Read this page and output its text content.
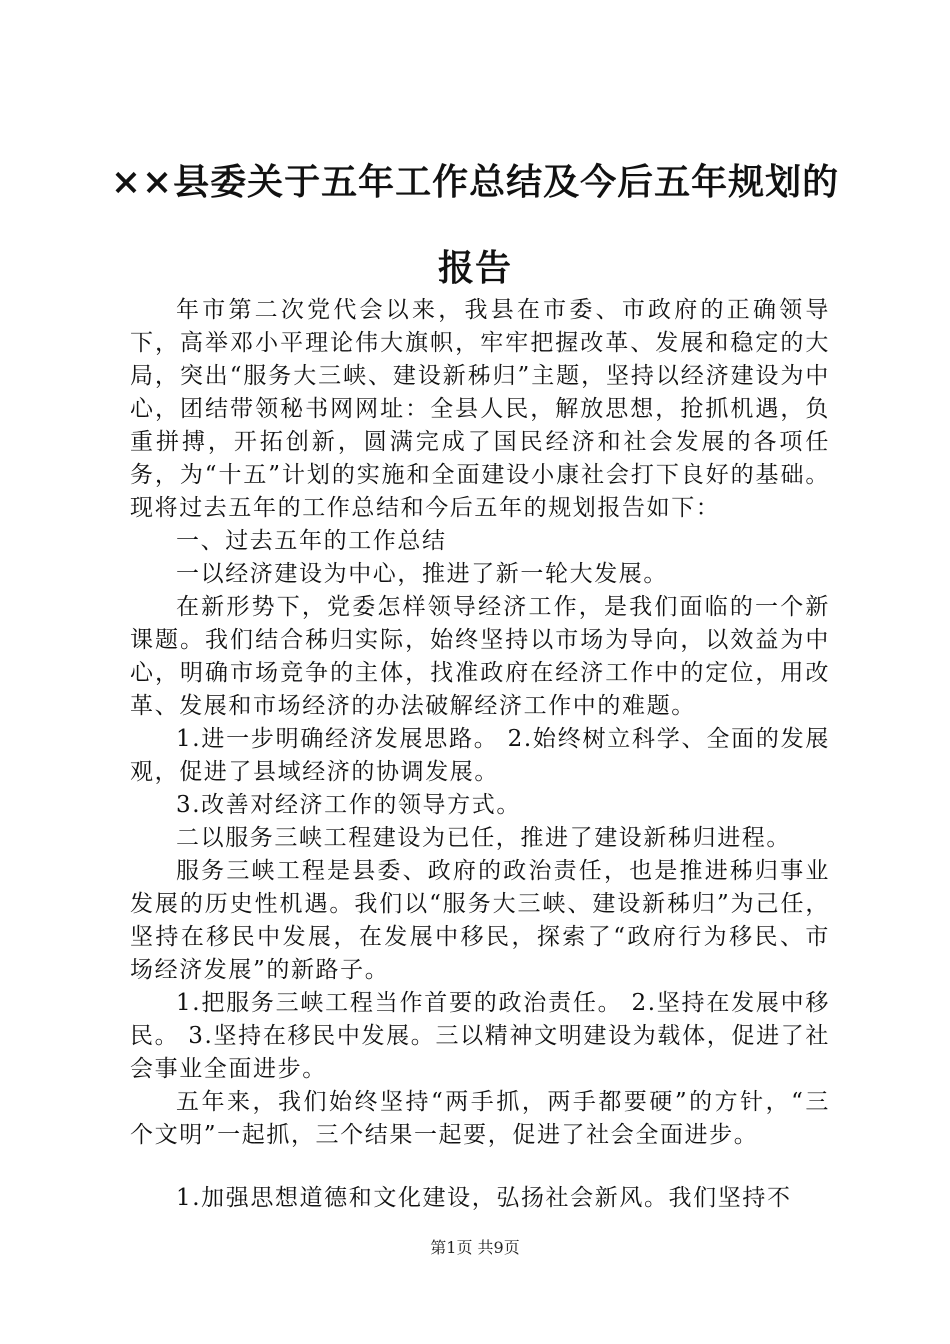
××县委关于五年工作总结及今后五年规划的
报告

年市第二次党代会以来，我县在市委、市政府的正确领导下，高举邓小平理论伟大旗帜，牢牢把握改革、发展和稳定的大局，突出“服务大三峡、建设新秭归”主题，坚持以经济建设为中心，团结带领秘书网网址：全县人民，解放思想，抢抓机遇，负重拼搏，开拓创新，圆满完成了国民经济和社会发展的各项任务，为“十五”计划的实施和全面建设小康社会打下良好的基础。现将过去五年的工作总结和今后五年的规划报告如下：

一、过去五年的工作总结

一以经济建设为中心，推进了新一轮大发展。

在新形势下，党委怎样领导经济工作，是我们面临的一个新课题。我们结合秭归实际，始终坚持以市场为导向，以效益为中心，明确市场竞争的主体，找准政府在经济工作中的定位，用改革、发展和市场经济的办法破解经济工作中的难题。

1.进一步明确经济发展思路。 2.始终树立科学、全面的发展观，促进了县域经济的协调发展。

3.改善对经济工作的领导方式。

二以服务三峡工程建设为已任，推进了建设新秭归进程。

服务三峡工程是县委、政府的政治责任，也是推进秭归事业发展的历史性机遇。我们以“服务大三峡、建设新秭归”为己任，坚持在移民中发展，在发展中移民，探索了“政府行为移民、市场经济发展”的新路子。

1.把服务三峡工程当作首要的政治责任。 2.坚持在发展中移民。 3.坚持在移民中发展。三以精神文明建设为载体，促进了社会事业全面进步。

五年来，我们始终坚持“两手抓，两手都要硬”的方针，“三个文明”一起抓，三个结果一起要，促进了社会全面进步。

1.加强思想道德和文化建设，弘扬社会新风。我们坚持不

第1页 共9页
